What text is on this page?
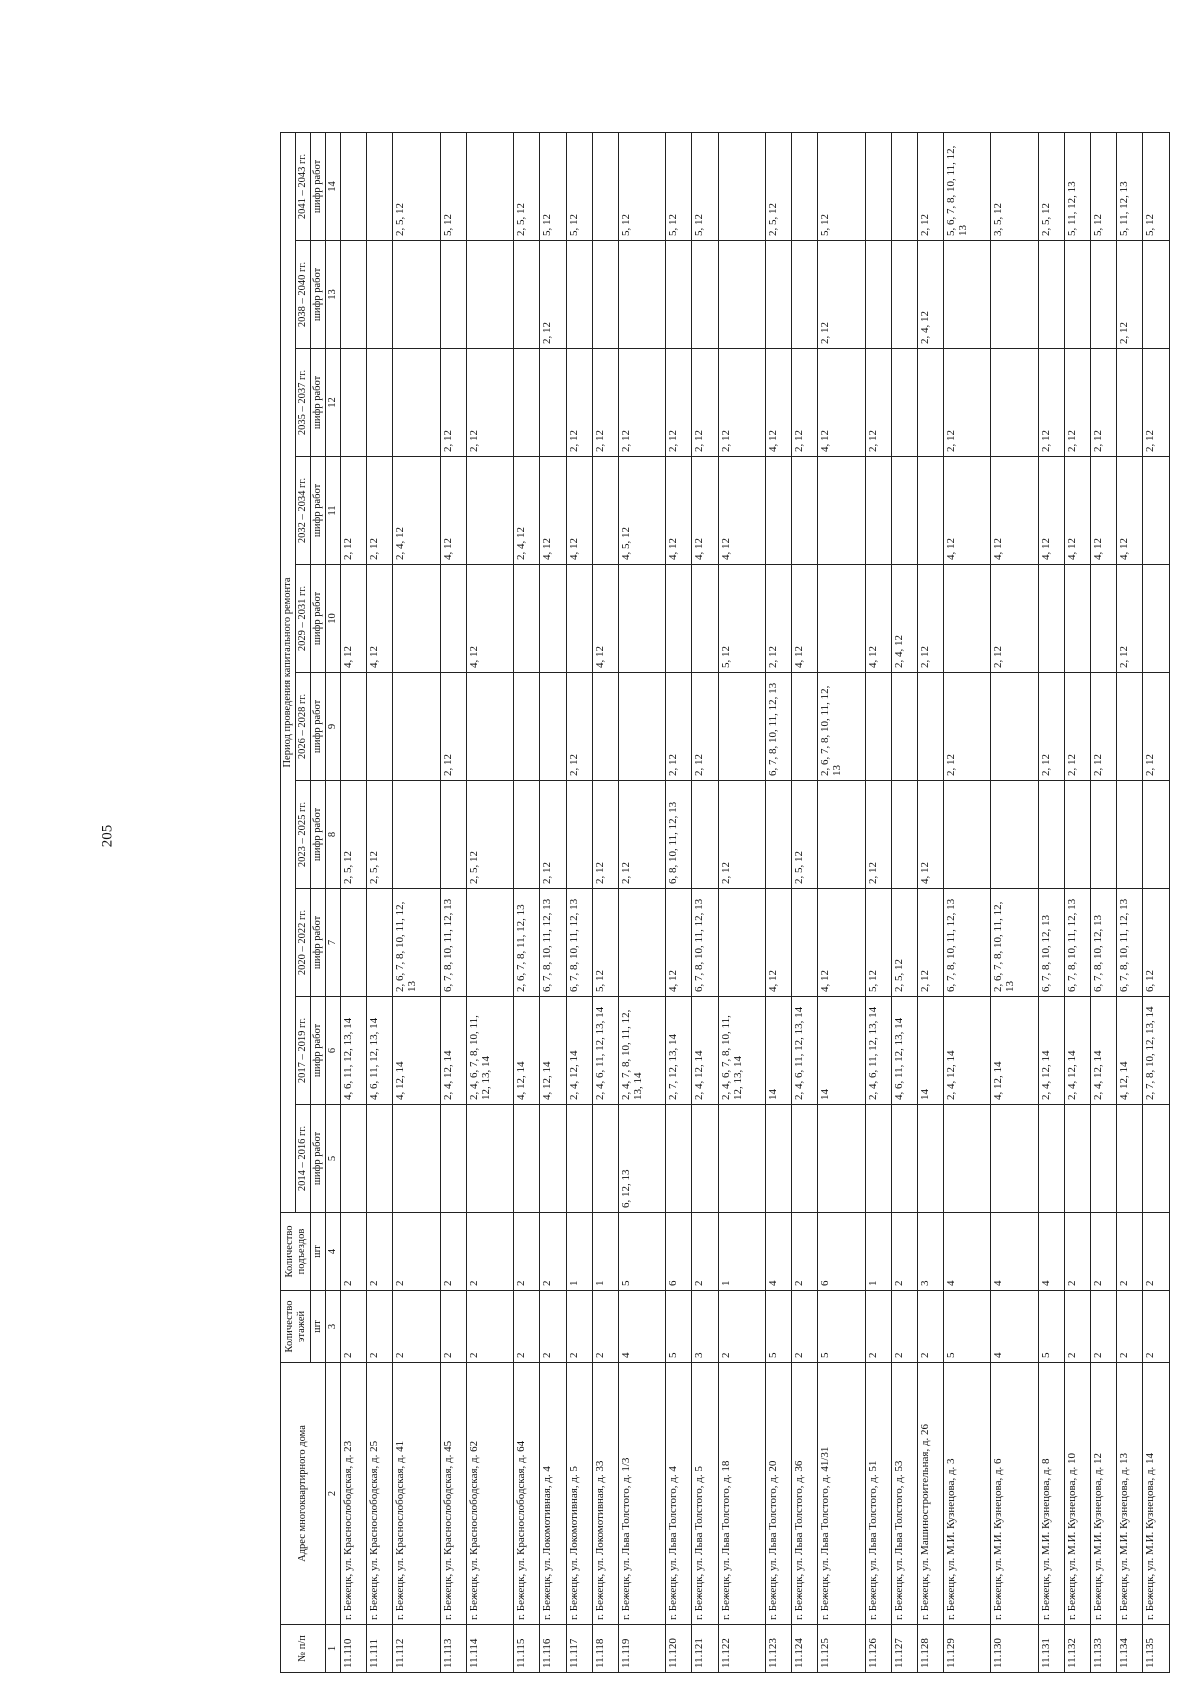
205
№ п/п	Адрес многоквартирного дома	Количество этажей	Количество подъездов	Период проведения капитального ремонта									
				2014 – 2016 гг.	2017 – 2019 гг.	2020 – 2022 гг.	2023 – 2025 гг.	2026 – 2028 гг.	2029 – 2031 гг.	2032 – 2034 гг.	2035 – 2037 гг.	2038 – 2040 гг.	2041 – 2043 гг.
		шт	шт	шифр работ	шифр работ	шифр работ	шифр работ	шифр работ	шифр работ	шифр работ	шифр работ	шифр работ	шифр работ
1	2	3	4	5	6	7	8	9	10	11	12	13	14
11.110	г. Бежецк, ул. Краснослободская, д. 23	2	2		4, 6, 11, 12, 13, 14		2, 5, 12		4, 12	2, 12			
11.111	г. Бежецк, ул. Краснослободская, д. 25	2	2		4, 6, 11, 12, 13, 14		2, 5, 12		4, 12	2, 12			
11.112	г. Бежецк, ул. Краснослободская, д. 41	2	2		4, 12, 14	2, 6, 7, 8, 10, 11, 12, 13				2, 4, 12			2, 5, 12
11.113	г. Бежецк, ул. Краснослободская, д. 45	2	2		2, 4, 12, 14	6, 7, 8, 10, 11, 12, 13		2, 12		4, 12	2, 12		5, 12
11.114	г. Бежецк, ул. Краснослободская, д. 62	2	2		2, 4, 6, 7, 8, 10, 11, 12, 13, 14		2, 5, 12		4, 12		2, 12		
11.115	г. Бежецк, ул. Краснослободская, д. 64	2	2		4, 12, 14	2, 6, 7, 8, 11, 12, 13				2, 4, 12			2, 5, 12
11.116	г. Бежецк, ул. Локомотивная, д. 4	2	2		4, 12, 14	6, 7, 8, 10, 11, 12, 13	2, 12			4, 12		2, 12	5, 12
11.117	г. Бежецк, ул. Локомотивная, д. 5	2	1		2, 4, 12, 14	6, 7, 8, 10, 11, 12, 13		2, 12		4, 12	2, 12		5, 12
11.118	г. Бежецк, ул. Локомотивная, д. 33	2	1		2, 4, 6, 11, 12, 13, 14	5, 12	2, 12		4, 12		2, 12		
11.119	г. Бежецк, ул. Льва Толстого, д. 1/3	4	5	6, 12, 13	2, 4, 7, 8, 10, 11, 12, 13, 14		2, 12			4, 5, 12	2, 12		5, 12
11.120	г. Бежецк, ул. Льва Толстого, д. 4	5	6		2, 7, 12, 13, 14	4, 12	6, 8, 10, 11, 12, 13	2, 12		4, 12	2, 12		5, 12
11.121	г. Бежецк, ул. Льва Толстого, д. 5	3	2		2, 4, 12, 14	6, 7, 8, 10, 11, 12, 13		2, 12		4, 12	2, 12		5, 12
11.122	г. Бежецк, ул. Льва Толстого, д. 18	2	1		2, 4, 6, 7, 8, 10, 11, 12, 13, 14		2, 12		5, 12	4, 12	2, 12		
11.123	г. Бежецк, ул. Льва Толстого, д. 20	5	4		14	4, 12		6, 7, 8, 10, 11, 12, 13	2, 12		4, 12		2, 5, 12
11.124	г. Бежецк, ул. Льва Толстого, д. 36	2	2		2, 4, 6, 11, 12, 13, 14		2, 5, 12		4, 12		2, 12		
11.125	г. Бежецк, ул. Льва Толстого, д. 41/31	5	6		14	4, 12		2, 6, 7, 8, 10, 11, 12, 13			4, 12	2, 12	5, 12
11.126	г. Бежецк, ул. Льва Толстого, д. 51	2	1		2, 4, 6, 11, 12, 13, 14	5, 12	2, 12		4, 12		2, 12		
11.127	г. Бежецк, ул. Льва Толстого, д. 53	2	2		4, 6, 11, 12, 13, 14	2, 5, 12			2, 4, 12				
11.128	г. Бежецк, ул. Машиностроительная, д. 26	2	3		14	2, 12	4, 12		2, 12			2, 4, 12	2, 12
11.129	г. Бежецк, ул. М.И. Кузнецова, д. 3	5	4		2, 4, 12, 14	6, 7, 8, 10, 11, 12, 13		2, 12		4, 12	2, 12		5, 6, 7, 8, 10, 11, 12, 13
11.130	г. Бежецк, ул. М.И. Кузнецова, д. 6	4	4		4, 12, 14	2, 6, 7, 8, 10, 11, 12, 13			2, 12	4, 12			3, 5, 12
11.131	г. Бежецк, ул. М.И. Кузнецова, д. 8	5	4		2, 4, 12, 14	6, 7, 8, 10, 12, 13		2, 12		4, 12	2, 12		2, 5, 12
11.132	г. Бежецк, ул. М.И. Кузнецова, д. 10	2	2		2, 4, 12, 14	6, 7, 8, 10, 11, 12, 13		2, 12		4, 12	2, 12		5, 11, 12, 13
11.133	г. Бежецк, ул. М.И. Кузнецова, д. 12	2	2		2, 4, 12, 14	6, 7, 8, 10, 12, 13		2, 12		4, 12	2, 12		5, 12
11.134	г. Бежецк, ул. М.И. Кузнецова, д. 13	2	2		4, 12, 14	6, 7, 8, 10, 11, 12, 13			2, 12	4, 12		2, 12	5, 11, 12, 13
11.135	г. Бежецк, ул. М.И. Кузнецова, д. 14	2	2		2, 7, 8, 10, 12, 13, 14	6, 12		2, 12			2, 12		5, 12
